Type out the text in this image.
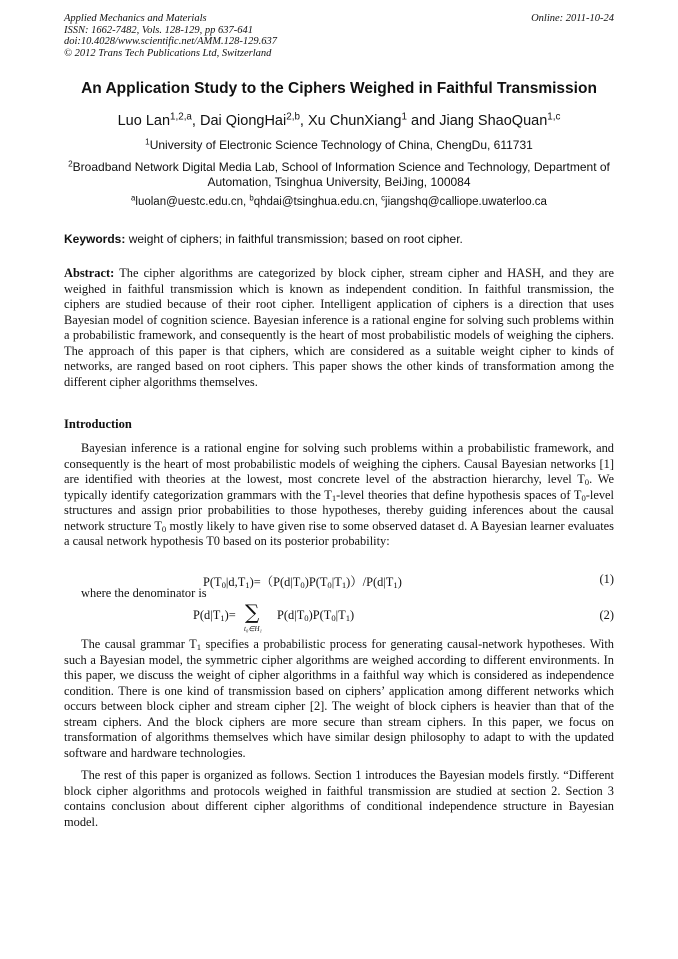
Applied Mechanics and Materials
ISSN: 1662-7482, Vols. 128-129, pp 637-641
doi:10.4028/www.scientific.net/AMM.128-129.637
© 2012 Trans Tech Publications Ltd, Switzerland
Online: 2011-10-24
An Application Study to the Ciphers Weighed in Faithful Transmission
Luo Lan$^{1,2,a}$, Dai QiongHai$^{2,b}$, Xu ChunXiang$^1$ and Jiang ShaoQuan$^{1,c}$
$^1$University of Electronic Science Technology of China, ChengDu, 611731
$^2$Broadband Network Digital Media Lab, School of Information Science and Technology, Department of Automation, Tsinghua University, BeiJing, 100084
$^a$luolan@uestc.edu.cn, $^b$qhdai@tsinghua.edu.cn, $^c$jiangshq@calliope.uwaterloo.ca
Keywords: weight of ciphers; in faithful transmission; based on root cipher.
Abstract: The cipher algorithms are categorized by block cipher, stream cipher and HASH, and they are weighed in faithful transmission which is known as independent condition. In faithful transmission, the ciphers are studied because of their root cipher. Intelligent application of ciphers is a direction that uses Bayesian model of cognition science. Bayesian inference is a rational engine for solving such problems within a probabilistic framework, and consequently is the heart of most probabilistic models of weighing the ciphers. The approach of this paper is that ciphers, which are considered as a suitable weight cipher to kinds of networks, are ranged based on root ciphers. This paper shows the other kinds of transformation among the different cipher algorithms themselves.
Introduction
Bayesian inference is a rational engine for solving such problems within a probabilistic framework, and consequently is the heart of most probabilistic models of weighing the ciphers. Causal Bayesian networks [1] are identified with theories at the lowest, most concrete level of the abstraction hierarchy, level $T_0$. We typically identify categorization grammars with the $T_1$-level theories that define hypothesis spaces of $T_0$-level structures and assign prior probabilities to those hypotheses, thereby guiding inferences about the causal network structure $T_0$ mostly likely to have given rise to some observed dataset d. A Bayesian learner evaluates a causal network hypothesis T0 based on its posterior probability:
$P(T_0|d,T_1)=(P(d|T_0)P(T_0|T_1))/P(d|T_1)$	(1)
where the denominator is
$P(d|T_1)=$ ∑
t₀∈H₁
$P(d|T_0)P(T_0|T_1)$	(2)
The causal grammar $T_1$ specifies a probabilistic process for generating causal-network hypotheses. With such a Bayesian model, the symmetric cipher algorithms are weighed according to different environments. In this paper, we discuss the weight of cipher algorithms in a faithful way which is considered as independence condition. There is one kind of transmission based on ciphers’ application among different networks which occurs between block cipher and stream cipher [2]. The weight of block ciphers is heavier than that of the stream ciphers. And the block ciphers are more secure than stream ciphers. In this paper, we focus on transformation of algorithms themselves which have similar design philosophy to adapt to with the updated software and hardware technologies.
The rest of this paper is organized as follows. Section 1 introduces the Bayesian models firstly. “Different block cipher algorithms and protocols weighed in faithful transmission are studied at section 2. Section 3 contains conclusion about different cipher algorithms of conditional independence structure in Bayesian model.
